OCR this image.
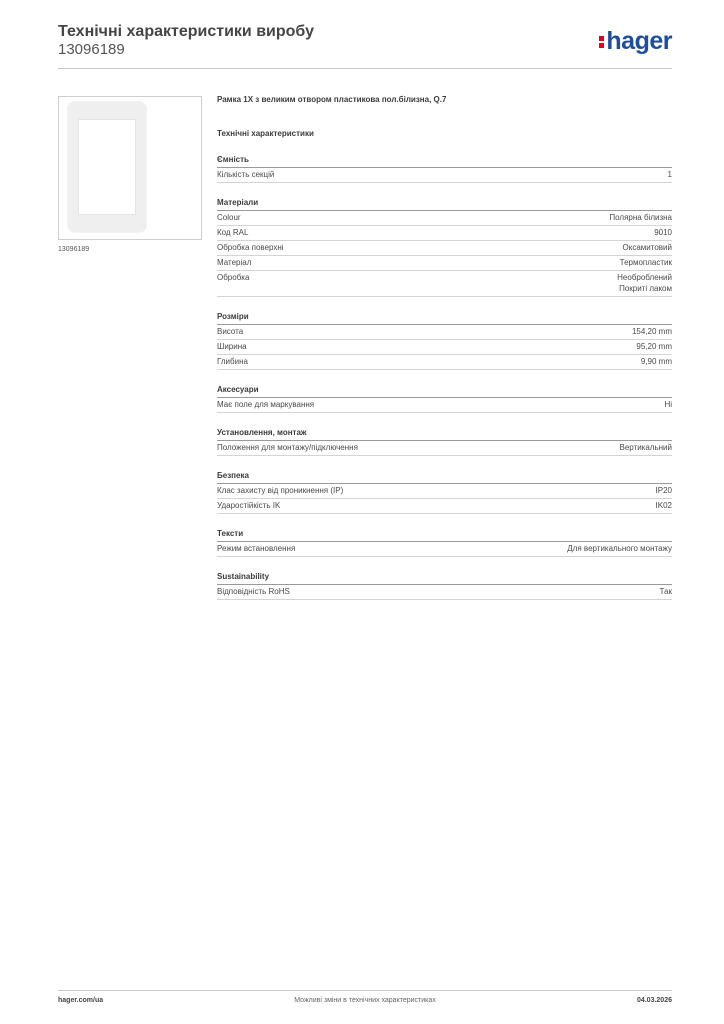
Технічні характеристики виробу
13096189	hager
13096189
Рамка 1X з великим отвором пластикова пол.білизна, Q.7
Технічні характеристики
Ємність
Кількість секцій	1
Матеріали
Colour	Полярна білизна
Код RAL	9010
Обробка поверхні	Оксамитовий
Матеріал	Термопластик
Обробка	Необроблений
Покриті лаком
Розміри
Висота	154,20 mm
Ширина	95,20 mm
Глибина	9,90 mm
Аксесуари
Має поле для маркування	Ні
Установлення, монтаж
Положення для монтажу/підключення	Вертикальний
Безпека
Клас захисту від проникнення (IP)	IP20
Ударостійкість IK	IK02
Тексти
Режим встановлення	Для вертикального монтажу
Sustainability
Відповідність RoHS	Так
hager.com/ua	Можливі зміни в технічних характеристиках	04.03.2026
